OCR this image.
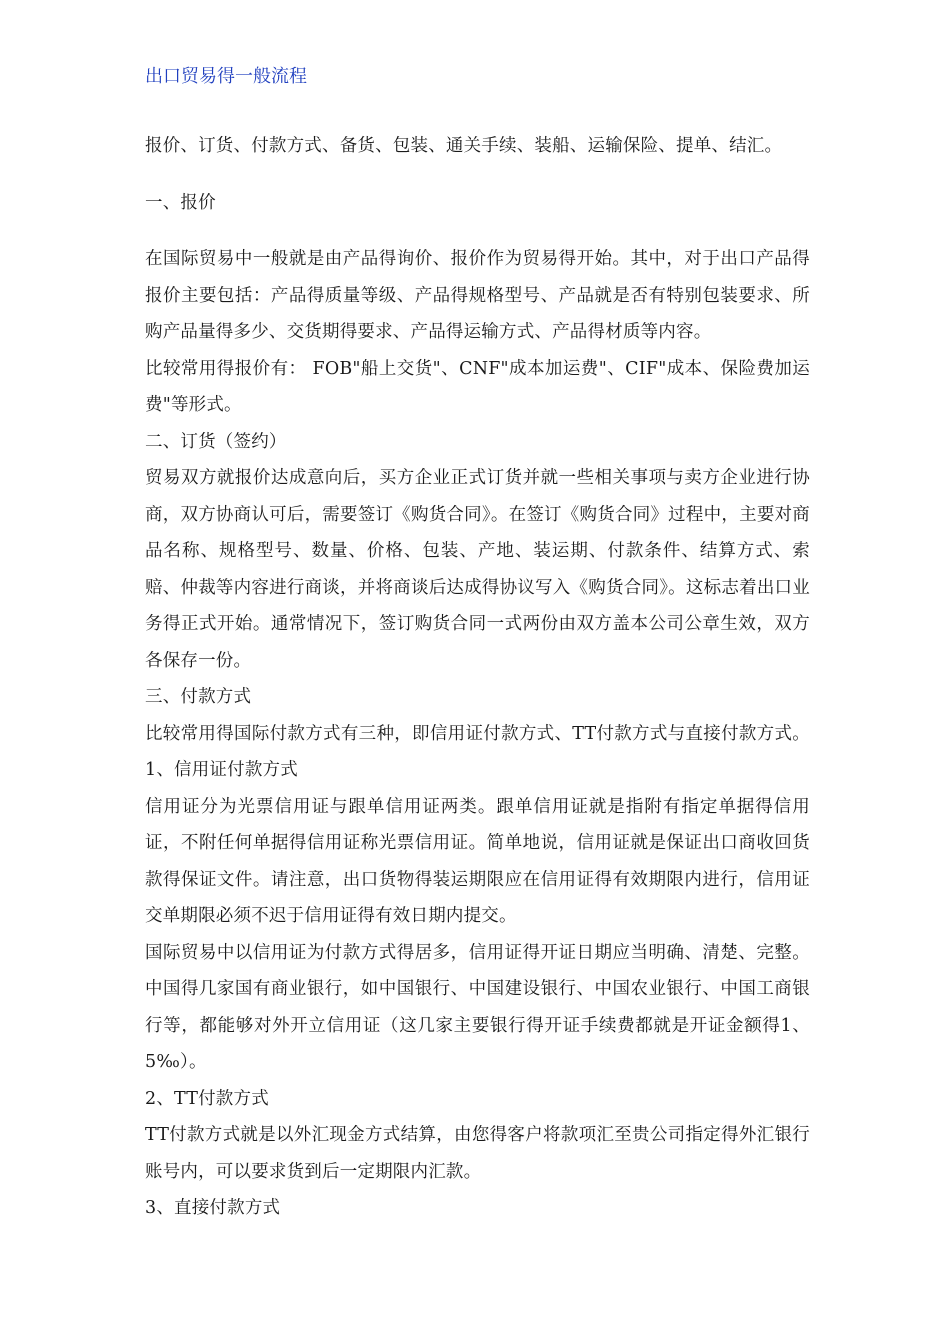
出口贸易得一般流程

报价、订货、付款方式、备货、包装、通关手续、装船、运输保险、提单、结汇。

一、报价

在国际贸易中一般就是由产品得询价、报价作为贸易得开始。其中，对于出口产品得报价主要包括：产品得质量等级、产品得规格型号、产品就是否有特别包装要求、所购产品量得多少、交货期得要求、产品得运输方式、产品得材质等内容。

比较常用得报价有： FOB"船上交货"、CNF"成本加运费"、CIF"成本、保险费加运费"等形式。

二、订货（签约）

贸易双方就报价达成意向后，买方企业正式订货并就一些相关事项与卖方企业进行协商，双方协商认可后，需要签订《购货合同》。在签订《购货合同》过程中，主要对商品名称、规格型号、数量、价格、包装、产地、装运期、付款条件、结算方式、索赔、仲裁等内容进行商谈，并将商谈后达成得协议写入《购货合同》。这标志着出口业务得正式开始。通常情况下，签订购货合同一式两份由双方盖本公司公章生效，双方各保存一份。

三、付款方式

比较常用得国际付款方式有三种，即信用证付款方式、TT付款方式与直接付款方式。1、信用证付款方式

信用证分为光票信用证与跟单信用证两类。跟单信用证就是指附有指定单据得信用证，不附任何单据得信用证称光票信用证。简单地说，信用证就是保证出口商收回货款得保证文件。请注意，出口货物得装运期限应在信用证得有效期限内进行，信用证交单期限必须不迟于信用证得有效日期内提交。

国际贸易中以信用证为付款方式得居多，信用证得开证日期应当明确、清楚、完整。中国得几家国有商业银行，如中国银行、中国建设银行、中国农业银行、中国工商银行等，都能够对外开立信用证（这几家主要银行得开证手续费都就是开证金额得1、5‰）。

2、TT付款方式

TT付款方式就是以外汇现金方式结算，由您得客户将款项汇至贵公司指定得外汇银行账号内，可以要求货到后一定期限内汇款。

3、直接付款方式
